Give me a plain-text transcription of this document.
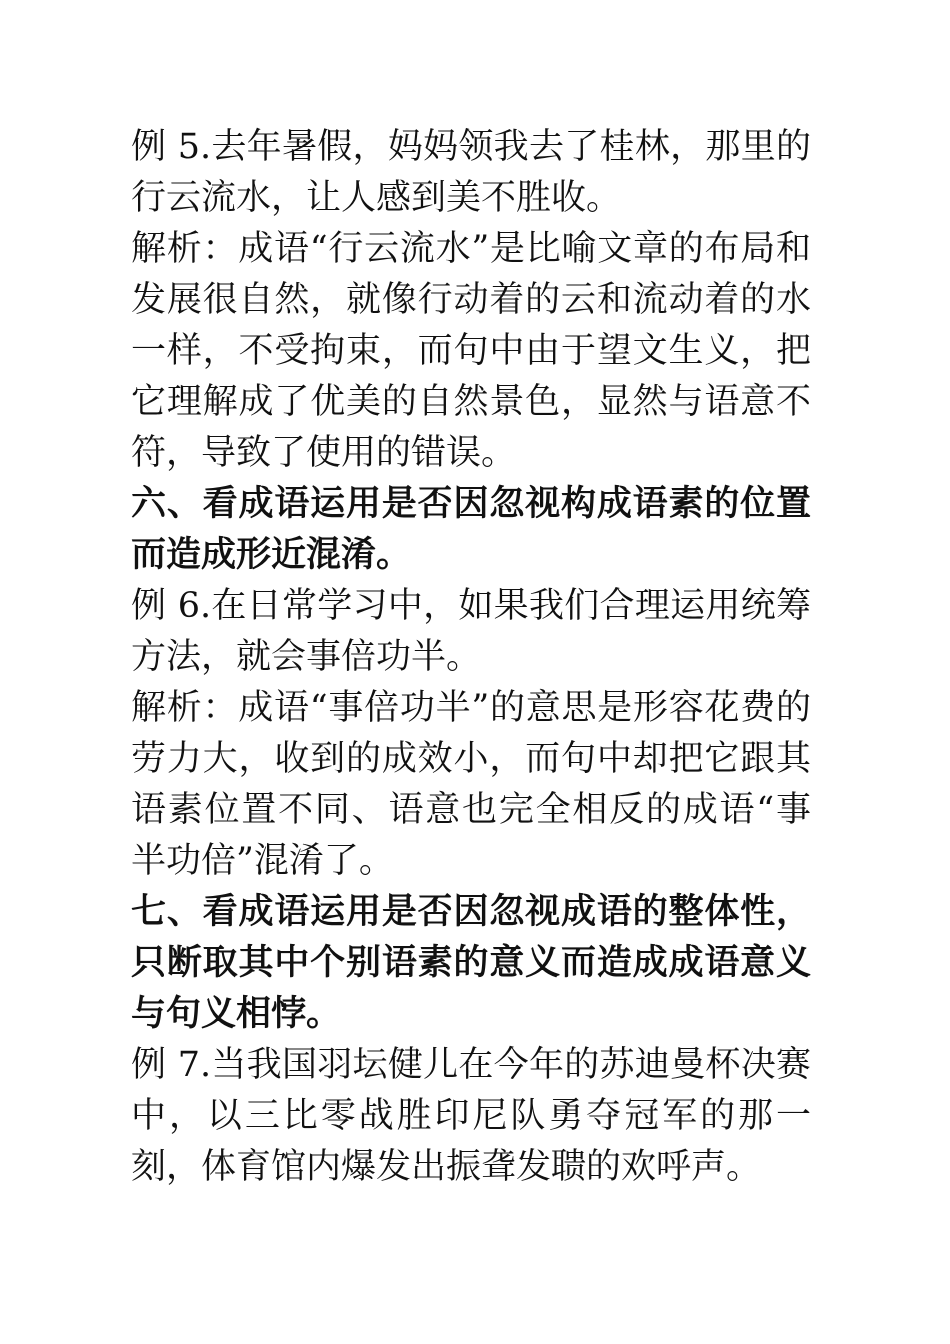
例 5.去年暑假，妈妈领我去了桂林，那里的行云流水，让人感到美不胜收。

解析：成语“行云流水”是比喻文章的布局和发展很自然，就像行动着的云和流动着的水一样，不受拘束，而句中由于望文生义，把它理解成了优美的自然景色，显然与语意不符，导致了使用的错误。

六、看成语运用是否因忽视构成语素的位置而造成形近混淆。

例 6.在日常学习中，如果我们合理运用统筹方法，就会事倍功半。

解析：成语“事倍功半”的意思是形容花费的劳力大，收到的成效小，而句中却把它跟其语素位置不同、语意也完全相反的成语“事半功倍”混淆了。

七、看成语运用是否因忽视成语的整体性，只断取其中个别语素的意义而造成成语意义与句义相悖。

例 7.当我国羽坛健儿在今年的苏迪曼杯决赛中，以三比零战胜印尼队勇夺冠军的那一刻，体育馆内爆发出振聋发聩的欢呼声。
